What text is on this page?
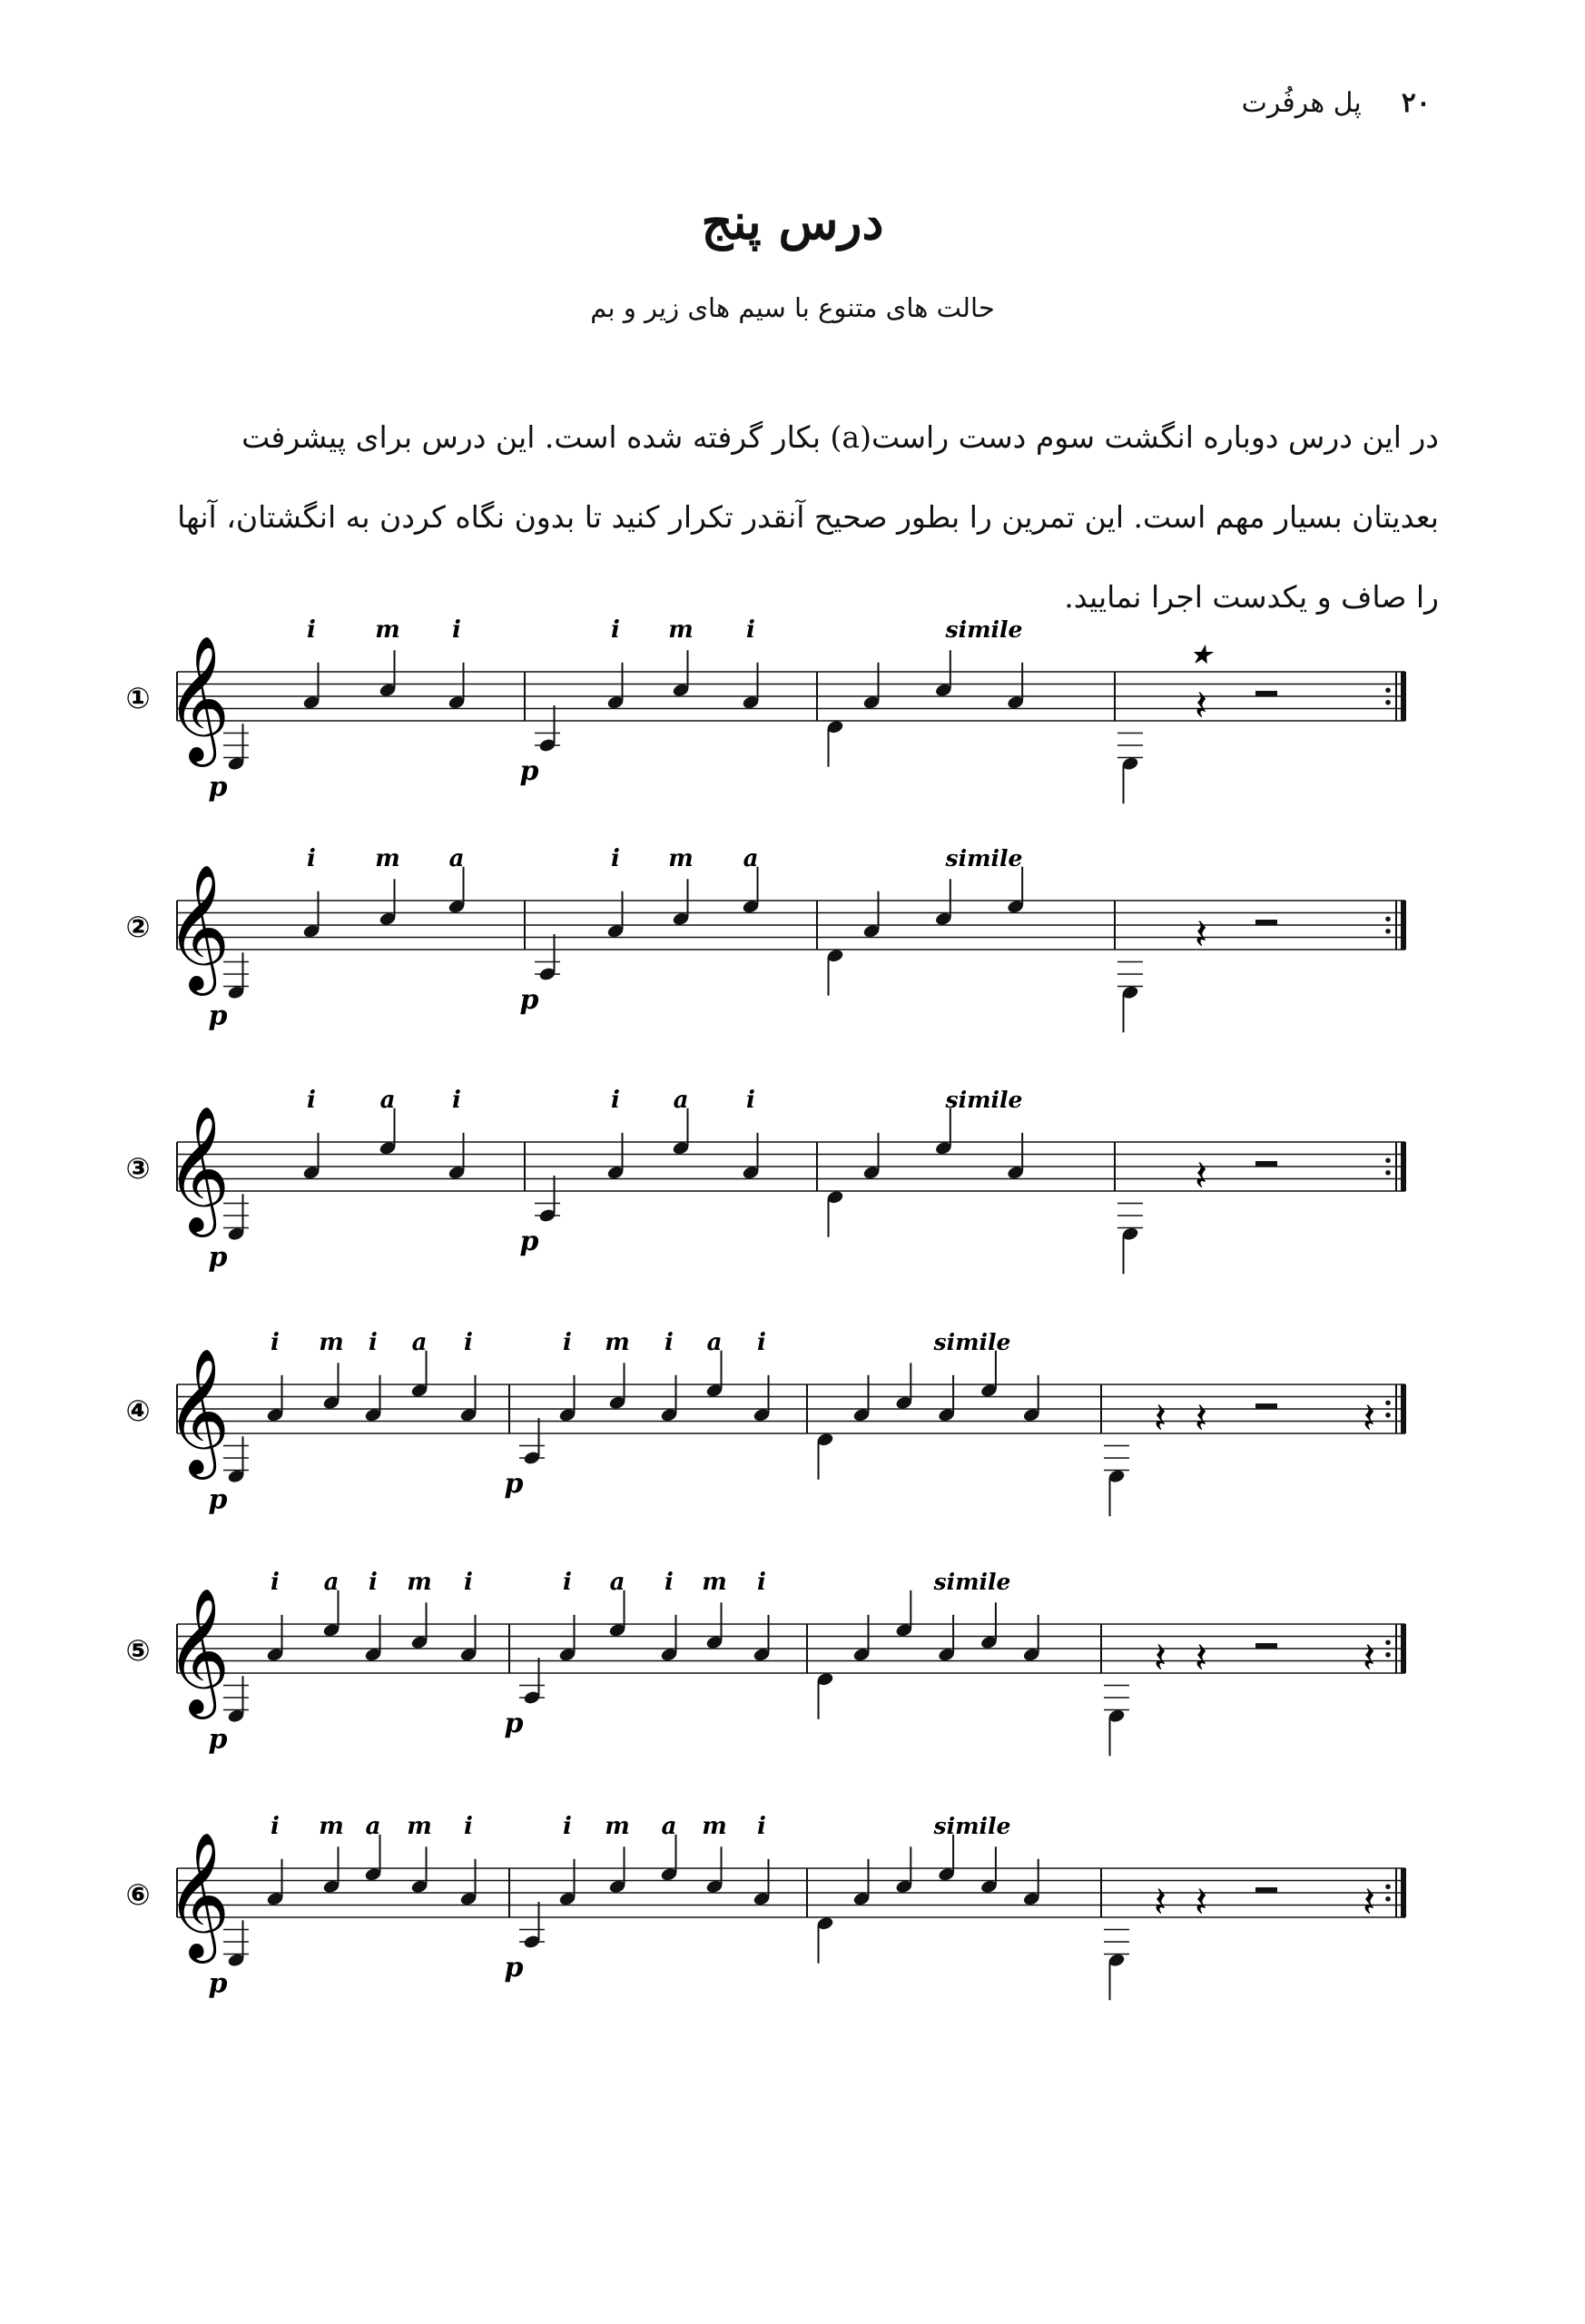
۲۰
پل هرفُرت
درس پنج
حالت های متنوع با سیم های زیر و بم

در این درس دوباره انگشت سوم دست راست(a) بکار گرفته شده است. این درس برای پیشرفت

بعدیتان بسیار مهم است. این تمرین را بطور صحیح آنقدر تکرار کنید تا بدون نگاه کردن به انگشتان، آنها

را صاف و یکدست اجرا نمایید.

① 𝄞
i	m i	i m i	simile
p	p
𝄽
★
② 𝄞
i	m a	i m a	simile
p	p
𝄽
③ 𝄞
i	a i	i a i	simile
p	p
𝄽
④ 𝄞
i m i a i	i m i a i	simile
p	p
𝄽 𝄽	𝄽
⑤ 𝄞
i a i m i	i a i m i	simile
p	p
𝄽 𝄽	𝄽
⑥ 𝄞
i m a m i	i m a m i	simile
p	p
𝄽 𝄽	𝄽
